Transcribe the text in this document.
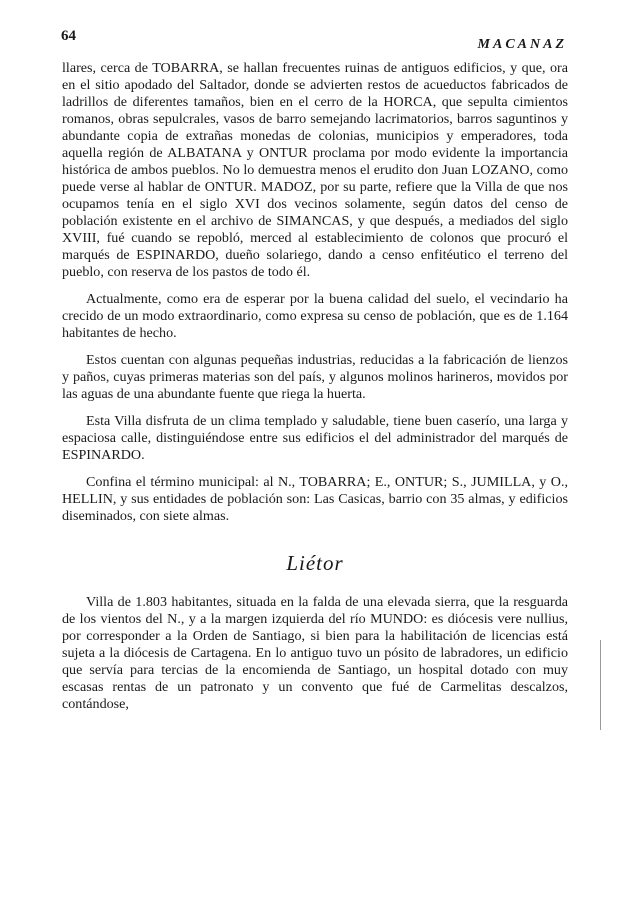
64
MACANAZ

llares, cerca de TOBARRA, se hallan frecuentes ruinas de antiguos edificios, y que, ora en el sitio apodado del Saltador, donde se advierten restos de acueductos fabricados de ladrillos de diferentes tamaños, bien en el cerro de la HORCA, que sepulta cimientos romanos, obras sepulcrales, vasos de barro semejando lacrimatorios, barros saguntinos y abundante copia de extrañas monedas de colonias, municipios y emperadores, toda aquella región de ALBATANA y ONTUR proclama por modo evidente la importancia histórica de ambos pueblos. No lo demuestra menos el erudito don Juan LOZANO, como puede verse al hablar de ONTUR. MADOZ, por su parte, refiere que la Villa de que nos ocupamos tenía en el siglo XVI dos vecinos solamente, según datos del censo de población existente en el archivo de SIMANCAS, y que después, a mediados del siglo XVIII, fué cuando se repobló, merced al establecimiento de colonos que procuró el marqués de ESPINARDO, dueño solariego, dando a censo enfitéutico el terreno del pueblo, con reserva de los pastos de todo él.

Actualmente, como era de esperar por la buena calidad del suelo, el vecindario ha crecido de un modo extraordinario, como expresa su censo de población, que es de 1.164 habitantes de hecho.

Estos cuentan con algunas pequeñas industrias, reducidas a la fabricación de lienzos y paños, cuyas primeras materias son del país, y algunos molinos harineros, movidos por las aguas de una abundante fuente que riega la huerta.

Esta Villa disfruta de un clima templado y saludable, tiene buen caserío, una larga y espaciosa calle, distinguiéndose entre sus edificios el del administrador del marqués de ESPINARDO.

Confina el término municipal: al N., TOBARRA; E., ONTUR; S., JUMILLA, y O., HELLIN, y sus entidades de población son: Las Casicas, barrio con 35 almas, y edificios diseminados, con siete almas.

Liétor

Villa de 1.803 habitantes, situada en la falda de una elevada sierra, que la resguarda de los vientos del N., y a la margen izquierda del río MUNDO: es diócesis vere nullius, por corresponder a la Orden de Santiago, si bien para la habilitación de licencias está sujeta a la diócesis de Cartagena. En lo antiguo tuvo un pósito de labradores, un edificio que servía para tercias de la encomienda de Santiago, un hospital dotado con muy escasas rentas de un patronato y un convento que fué de Carmelitas descalzos, contándose,
